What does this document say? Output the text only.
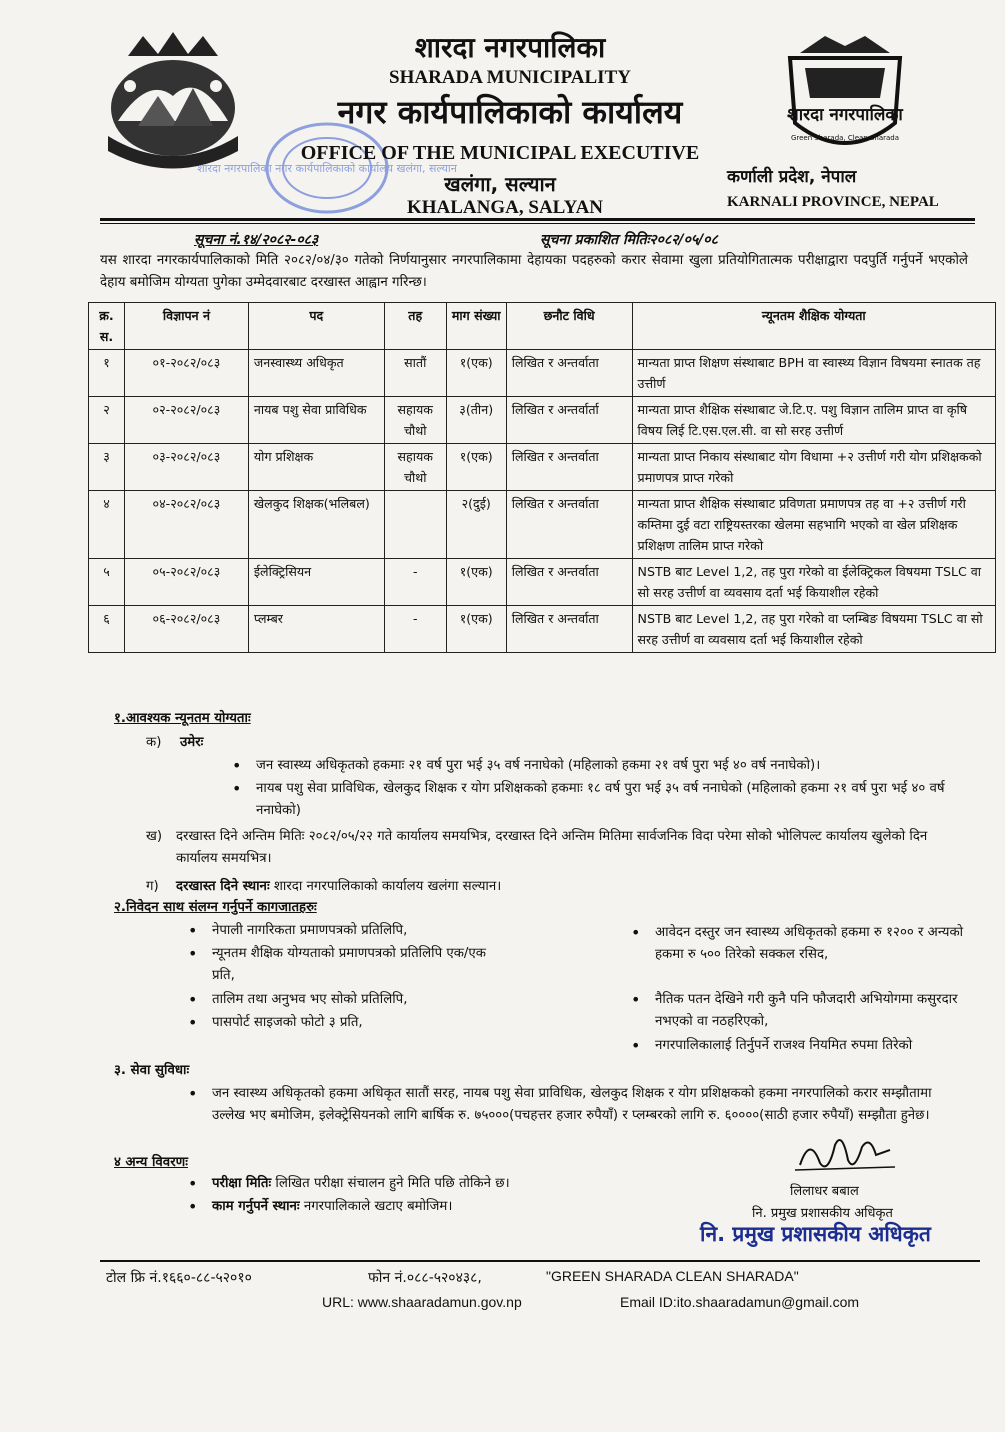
शारदा नगरपालिका नगर कार्यपालिकाको कार्यालय खलंगा, सल्यान
शारदा नगरपालिका
SHARADA MUNICIPALITY
नगर कार्यपालिकाको कार्यालय
OFFICE OF THE MUNICIPAL EXECUTIVE
खलंगा, सल्यान
KHALANGA, SALYAN
शारदा नगरपालिका
Green Sharada, Clean Sharada
कर्णाली प्रदेश, नेपाल
KARNALI PROVINCE, NEPAL
सूचना नं.१४/२०८२-०८३	सूचना प्रकाशित मितिः२०८२/०५/०८
यस शारदा नगरकार्यपालिकाको मिति २०८२/०४/३० गतेको निर्णयानुसार नगरपालिकामा देहायका पदहरुको करार सेवामा खुला प्रतियोगितात्मक परीक्षाद्वारा पदपुर्ति गर्नुपर्ने भएकोले देहाय बमोजिम योग्यता पुगेका उम्मेदवारबाट दरखास्त आह्वान गरिन्छ।
क्र. स.	विज्ञापन नं	पद	तह	माग संख्या	छनौट विधि	न्यूनतम शैक्षिक योग्यता
१	०१-२०८२/०८३	जनस्वास्थ्य अधिकृत	सातौं	१(एक)	लिखित र अन्तर्वाता	मान्यता प्राप्त शिक्षण संस्थाबाट BPH वा स्वास्थ्य विज्ञान विषयमा स्नातक तह उत्तीर्ण
२	०२-२०८२/०८३	नायब पशु सेवा प्राविधिक	सहायक चौथो	३(तीन)	लिखित र अन्तर्वार्ता	मान्यता प्राप्त शैक्षिक संस्थाबाट जे.टि.ए. पशु विज्ञान तालिम प्राप्त वा कृषि विषय लिई टि.एस.एल.सी. वा सो सरह उत्तीर्ण
३	०३-२०८२/०८३	योग प्रशिक्षक	सहायक चौथो	१(एक)	लिखित र अन्तर्वाता	मान्यता प्राप्त निकाय संस्थाबाट योग विधामा +२ उत्तीर्ण गरी योग प्रशिक्षकको प्रमाणपत्र प्राप्त गरेको
४	०४-२०८२/०८३	खेलकुद शिक्षक(भलिबल)		२(दुई)	लिखित र अन्तर्वाता	मान्यता प्राप्त शैक्षिक संस्थाबाट प्रविणता प्रमाणपत्र तह वा +२ उत्तीर्ण गरी कम्तिमा दुई वटा राष्ट्रियस्तरका खेलमा सहभागि भएको वा खेल प्रशिक्षक प्रशिक्षण तालिम प्राप्त गरेको
५	०५-२०८२/०८३	ईलेक्ट्रिसियन	-	१(एक)	लिखित र अन्तर्वाता	NSTB बाट Level 1,2, तह पुरा गरेको वा ईलेक्ट्रिकल विषयमा TSLC वा सो सरह उत्तीर्ण वा व्यवसाय दर्ता भई कियाशील रहेको
६	०६-२०८२/०८३	प्लम्बर	-	१(एक)	लिखित र अन्तर्वाता	NSTB बाट Level 1,2, तह पुरा गरेको वा प्लम्बिङ विषयमा TSLC वा सो सरह उत्तीर्ण वा व्यवसाय दर्ता भई कियाशील रहेको
१.आवश्यक न्यूनतम योग्यताः
क) उमेरः
• जन स्वास्थ्य अधिकृतको हकमाः २१ वर्ष पुरा भई ३५ वर्ष ननाघेको (महिलाको हकमा २१ वर्ष पुरा भई ४० वर्ष ननाघेको)।
• नायब पशु सेवा प्राविधिक, खेलकुद शिक्षक र योग प्रशिक्षकको हकमाः १८ वर्ष पुरा भई ३५ वर्ष ननाघेको (महिलाको हकमा २१ वर्ष पुरा भई ४० वर्ष ननाघेको)
ख) दरखास्त दिने अन्तिम मितिः २०८२/०५/२२ गते कार्यालय समयभित्र, दरखास्त दिने अन्तिम मितिमा सार्वजनिक विदा परेमा सोको भोलिपल्ट कार्यालय खुलेको दिन कार्यालय समयभित्र।
ग) दरखास्त दिने स्थानः शारदा नगरपालिकाको कार्यालय खलंगा सल्यान।
२.निवेदन साथ संलग्न गर्नुपर्ने कागजातहरुः
• नेपाली नागरिकता प्रमाणपत्रको प्रतिलिपि,
• न्यूनतम शैक्षिक योग्यताको प्रमाणपत्रको प्रतिलिपि एक/एक प्रति,
• तालिम तथा अनुभव भए सोको प्रतिलिपि,
• पासपोर्ट साइजको फोटो ३ प्रति,
• आवेदन दस्तुर जन स्वास्थ्य अधिकृतको हकमा रु १२०० र अन्यको हकमा रु ५०० तिरेको सक्कल रसिद,
• नैतिक पतन देखिने गरी कुनै पनि फौजदारी अभियोगमा कसुरदार नभएको वा नठहरिएको,
• नगरपालिकालाई तिर्नुपर्ने राजश्व नियमित रुपमा तिरेको
३. सेवा सुविधाः
• जन स्वास्थ्य अधिकृतको हकमा अधिकृत सातौं सरह, नायब पशु सेवा प्राविधिक, खेलकुद शिक्षक र योग प्रशिक्षकको हकमा नगरपालिको करार सम्झौतामा उल्लेख भए बमोजिम, इलेक्ट्रेसियनको लागि बार्षिक रु. ७५०००(पचहत्तर हजार रुपैयाँ) र प्लम्बरको लागि रु. ६००००(साठी हजार रुपैयाँ) सम्झौता हुनेछ।
४ अन्य विवरणः
• परीक्षा मितिः लिखित परीक्षा संचालन हुने मिति पछि तोकिने छ।
• काम गर्नुपर्ने स्थानः नगरपालिकाले खटाए बमोजिम।
लिलाधर बबाल
नि. प्रमुख प्रशासकीय अधिकृत
नि. प्रमुख प्रशासकीय अधिकृत
टोल फ्रि नं.१६६०-८८-५२०१०	फोन नं.०८८-५२०४३८,	"GREEN SHARADA CLEAN SHARADA"
URL: www.shaaradamun.gov.np	Email ID:ito.shaaradamun@gmail.com
